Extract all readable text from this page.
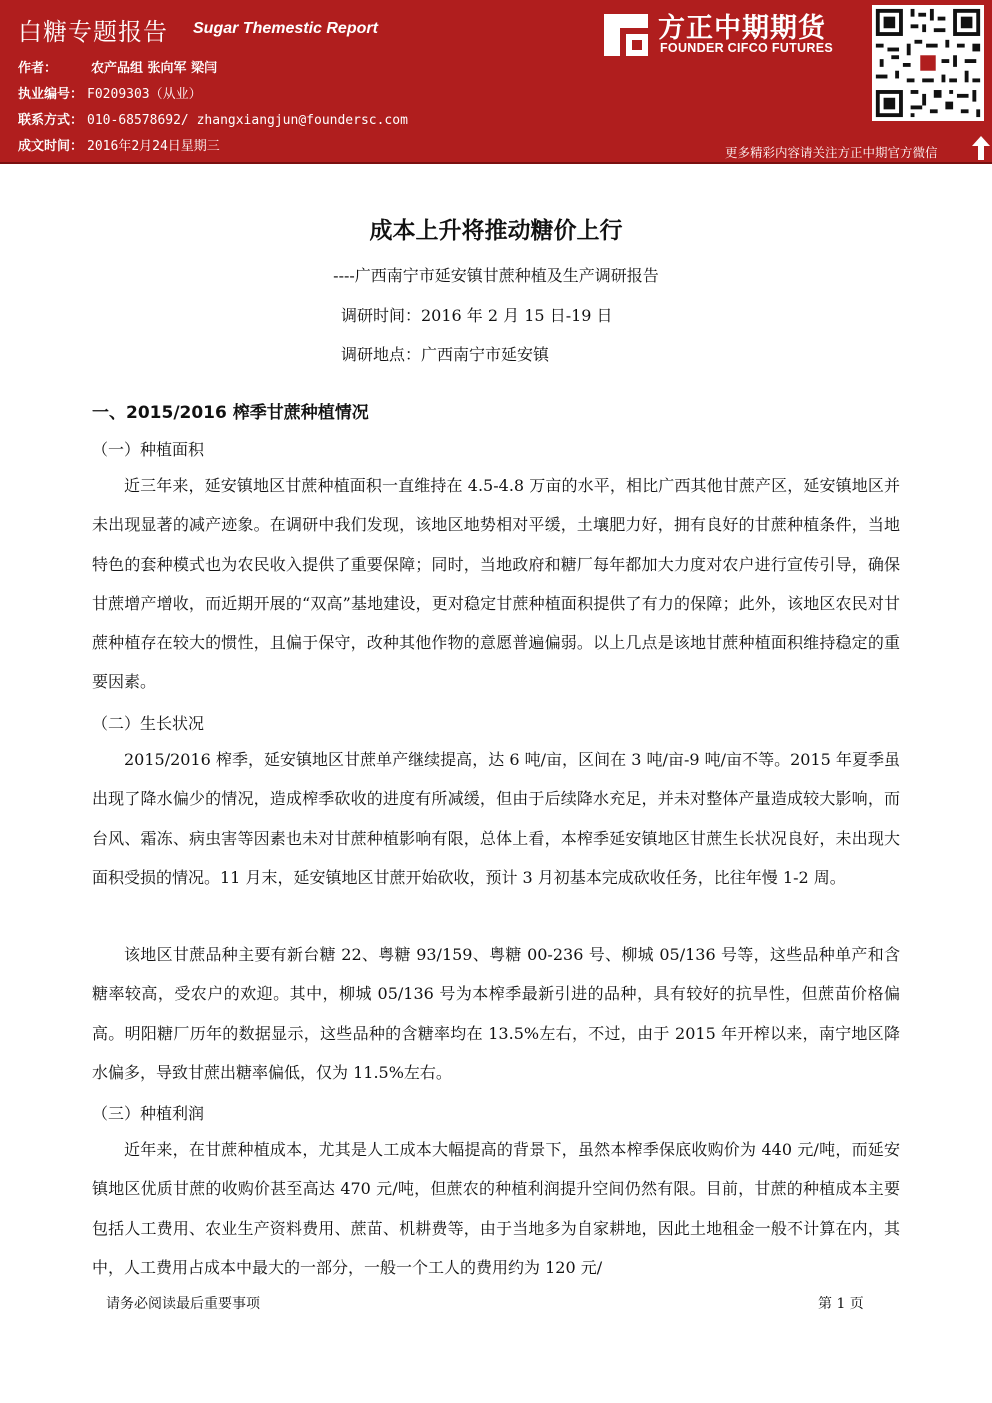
白糖专题报告 Sugar Themestic Report
作者：	农产品组 张向军 梁闫
执业编号： F0209303（从业）
联系方式： 010-68578692/ zhangxiangjun@foundersc.com
成文时间： 2016年2月24日星期三
方正中期期货
FOUNDER CIFCO FUTURES
更多精彩内容请关注方正中期官方微信
成本上升将推动糖价上行
----广西南宁市延安镇甘蔗种植及生产调研报告
调研时间：2016 年 2 月 15 日-19 日
调研地点：广西南宁市延安镇
一、2015/2016 榨季甘蔗种植情况
（一）种植面积
近三年来，延安镇地区甘蔗种植面积一直维持在 4.5-4.8 万亩的水平，相比广西其他甘蔗产区，延安镇地区并未出现显著的减产迹象。在调研中我们发现，该地区地势相对平缓，土壤肥力好，拥有良好的甘蔗种植条件，当地特色的套种模式也为农民收入提供了重要保障；同时，当地政府和糖厂每年都加大力度对农户进行宣传引导，确保甘蔗增产增收，而近期开展的“双高”基地建设，更对稳定甘蔗种植面积提供了有力的保障；此外，该地区农民对甘蔗种植存在较大的惯性，且偏于保守，改种其他作物的意愿普遍偏弱。以上几点是该地甘蔗种植面积维持稳定的重要因素。
（二）生长状况
2015/2016 榨季，延安镇地区甘蔗单产继续提高，达 6 吨/亩，区间在 3 吨/亩-9 吨/亩不等。2015 年夏季虽出现了降水偏少的情况，造成榨季砍收的进度有所减缓，但由于后续降水充足，并未对整体产量造成较大影响，而台风、霜冻、病虫害等因素也未对甘蔗种植影响有限，总体上看，本榨季延安镇地区甘蔗生长状况良好，未出现大面积受损的情况。11 月末，延安镇地区甘蔗开始砍收，预计 3 月初基本完成砍收任务，比往年慢 1-2 周。
该地区甘蔗品种主要有新台糖 22、粤糖 93/159、粤糖 00-236 号、柳城 05/136 号等，这些品种单产和含糖率较高，受农户的欢迎。其中，柳城 05/136 号为本榨季最新引进的品种，具有较好的抗旱性，但蔗苗价格偏高。明阳糖厂历年的数据显示，这些品种的含糖率均在 13.5%左右，不过，由于 2015 年开榨以来，南宁地区降水偏多，导致甘蔗出糖率偏低，仅为 11.5%左右。
（三）种植利润
近年来，在甘蔗种植成本，尤其是人工成本大幅提高的背景下，虽然本榨季保底收购价为 440 元/吨，而延安镇地区优质甘蔗的收购价甚至高达 470 元/吨，但蔗农的种植利润提升空间仍然有限。目前，甘蔗的种植成本主要包括人工费用、农业生产资料费用、蔗苗、机耕费等，由于当地多为自家耕地，因此土地租金一般不计算在内，其中，人工费用占成本中最大的一部分，一般一个工人的费用约为 120 元/
请务必阅读最后重要事项	第 1 页
